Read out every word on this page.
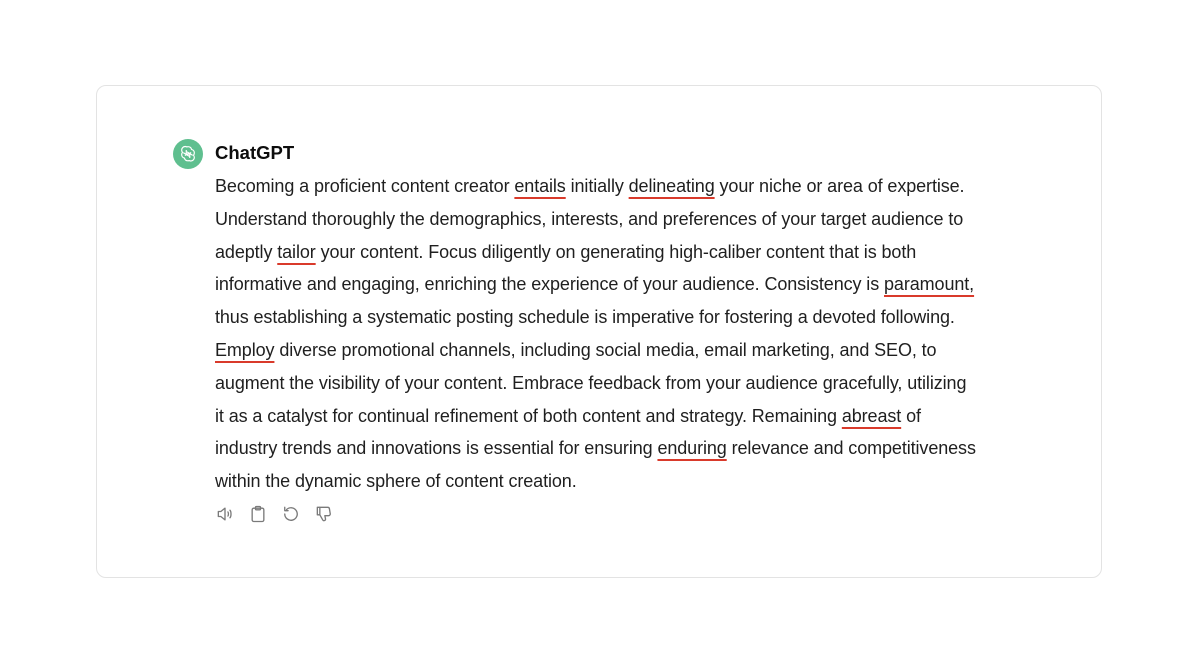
ChatGPT
Becoming a proficient content creator entails initially delineating your niche or area of expertise.
Understand thoroughly the demographics, interests, and preferences of your target audience to
adeptly tailor your content. Focus diligently on generating high-caliber content that is both
informative and engaging, enriching the experience of your audience. Consistency is paramount,
thus establishing a systematic posting schedule is imperative for fostering a devoted following.
Employ diverse promotional channels, including social media, email marketing, and SEO, to
augment the visibility of your content. Embrace feedback from your audience gracefully, utilizing
it as a catalyst for continual refinement of both content and strategy. Remaining abreast of
industry trends and innovations is essential for ensuring enduring relevance and competitiveness
within the dynamic sphere of content creation.
